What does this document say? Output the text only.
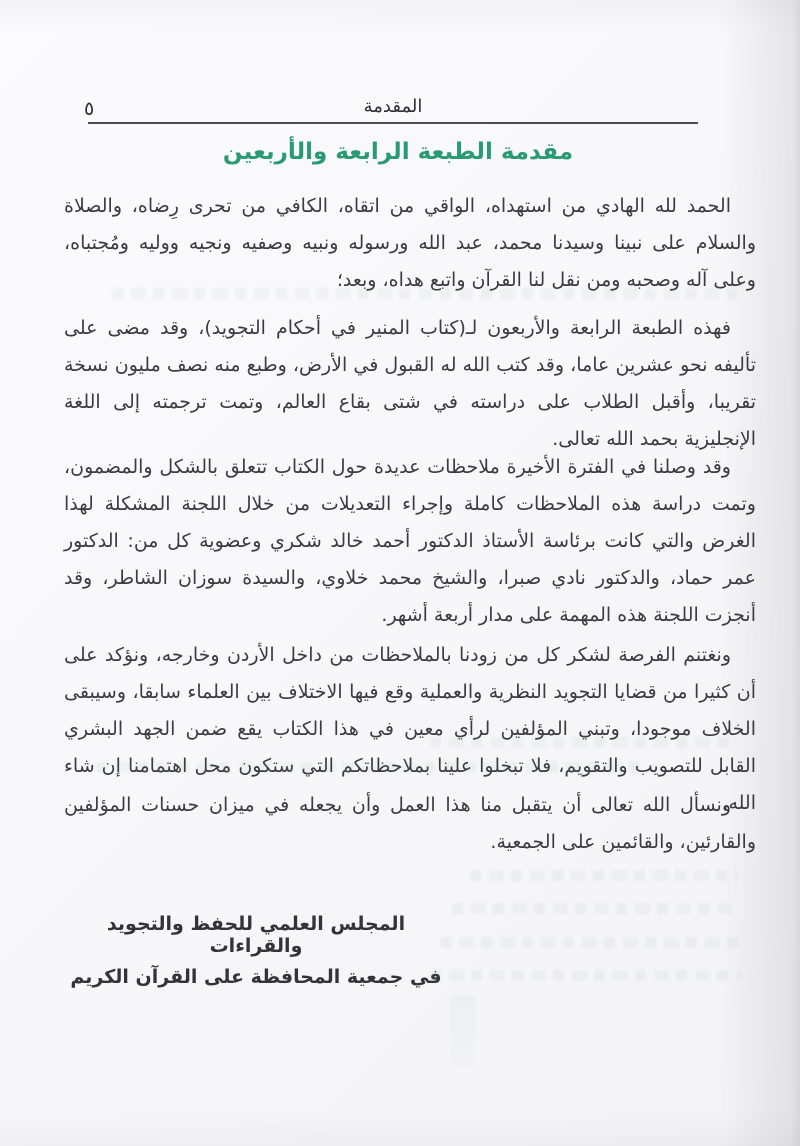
٥	المقدمة
مقدمة الطبعة الرابعة والأربعين
الحمد لله الهادي من استهداه، الواقي من اتقاه، الكافي من تحرى رِضاه، والصلاة والسلام على نبينا وسيدنا محمد، عبد الله ورسوله ونبيه وصفيه ونجيه ووليه ومُجتباه، وعلى آله وصحبه ومن نقل لنا القرآن واتبع هداه، وبعد؛
فهذه الطبعة الرابعة والأربعون لـ(كتاب المنير في أحكام التجويد)، وقد مضى على تأليفه نحو عشرين عاما، وقد كتب الله له القبول في الأرض، وطبع منه نصف مليون نسخة تقريبا، وأقبل الطلاب على دراسته في شتى بقاع العالم، وتمت ترجمته إلى اللغة الإنجليزية بحمد الله تعالى.
وقد وصلنا في الفترة الأخيرة ملاحظات عديدة حول الكتاب تتعلق بالشكل والمضمون، وتمت دراسة هذه الملاحظات كاملة وإجراء التعديلات من خلال اللجنة المشكلة لهذا الغرض والتي كانت برئاسة الأستاذ الدكتور أحمد خالد شكري وعضوية كل من: الدكتور عمر حماد، والدكتور نادي صبرا، والشيخ محمد خلاوي، والسيدة سوزان الشاطر، وقد أنجزت اللجنة هذه المهمة على مدار أربعة أشهر.
ونغتنم الفرصة لشكر كل من زودنا بالملاحظات من داخل الأردن وخارجه، ونؤكد على أن كثيرا من قضايا التجويد النظرية والعملية وقع فيها الاختلاف بين العلماء سابقا، وسيبقى الخلاف موجودا، وتبني المؤلفين لرأي معين في هذا الكتاب يقع ضمن الجهد البشري القابل للتصويب والتقويم، فلا تبخلوا علينا بملاحظاتكم التي ستكون محل اهتمامنا إن شاء الله.
ونسأل الله تعالى أن يتقبل منا هذا العمل وأن يجعله في ميزان حسنات المؤلفين والقارئين، والقائمين على الجمعية.
المجلس العلمي للحفظ والتجويد والقراءات
في جمعية المحافظة على القرآن الكريم
